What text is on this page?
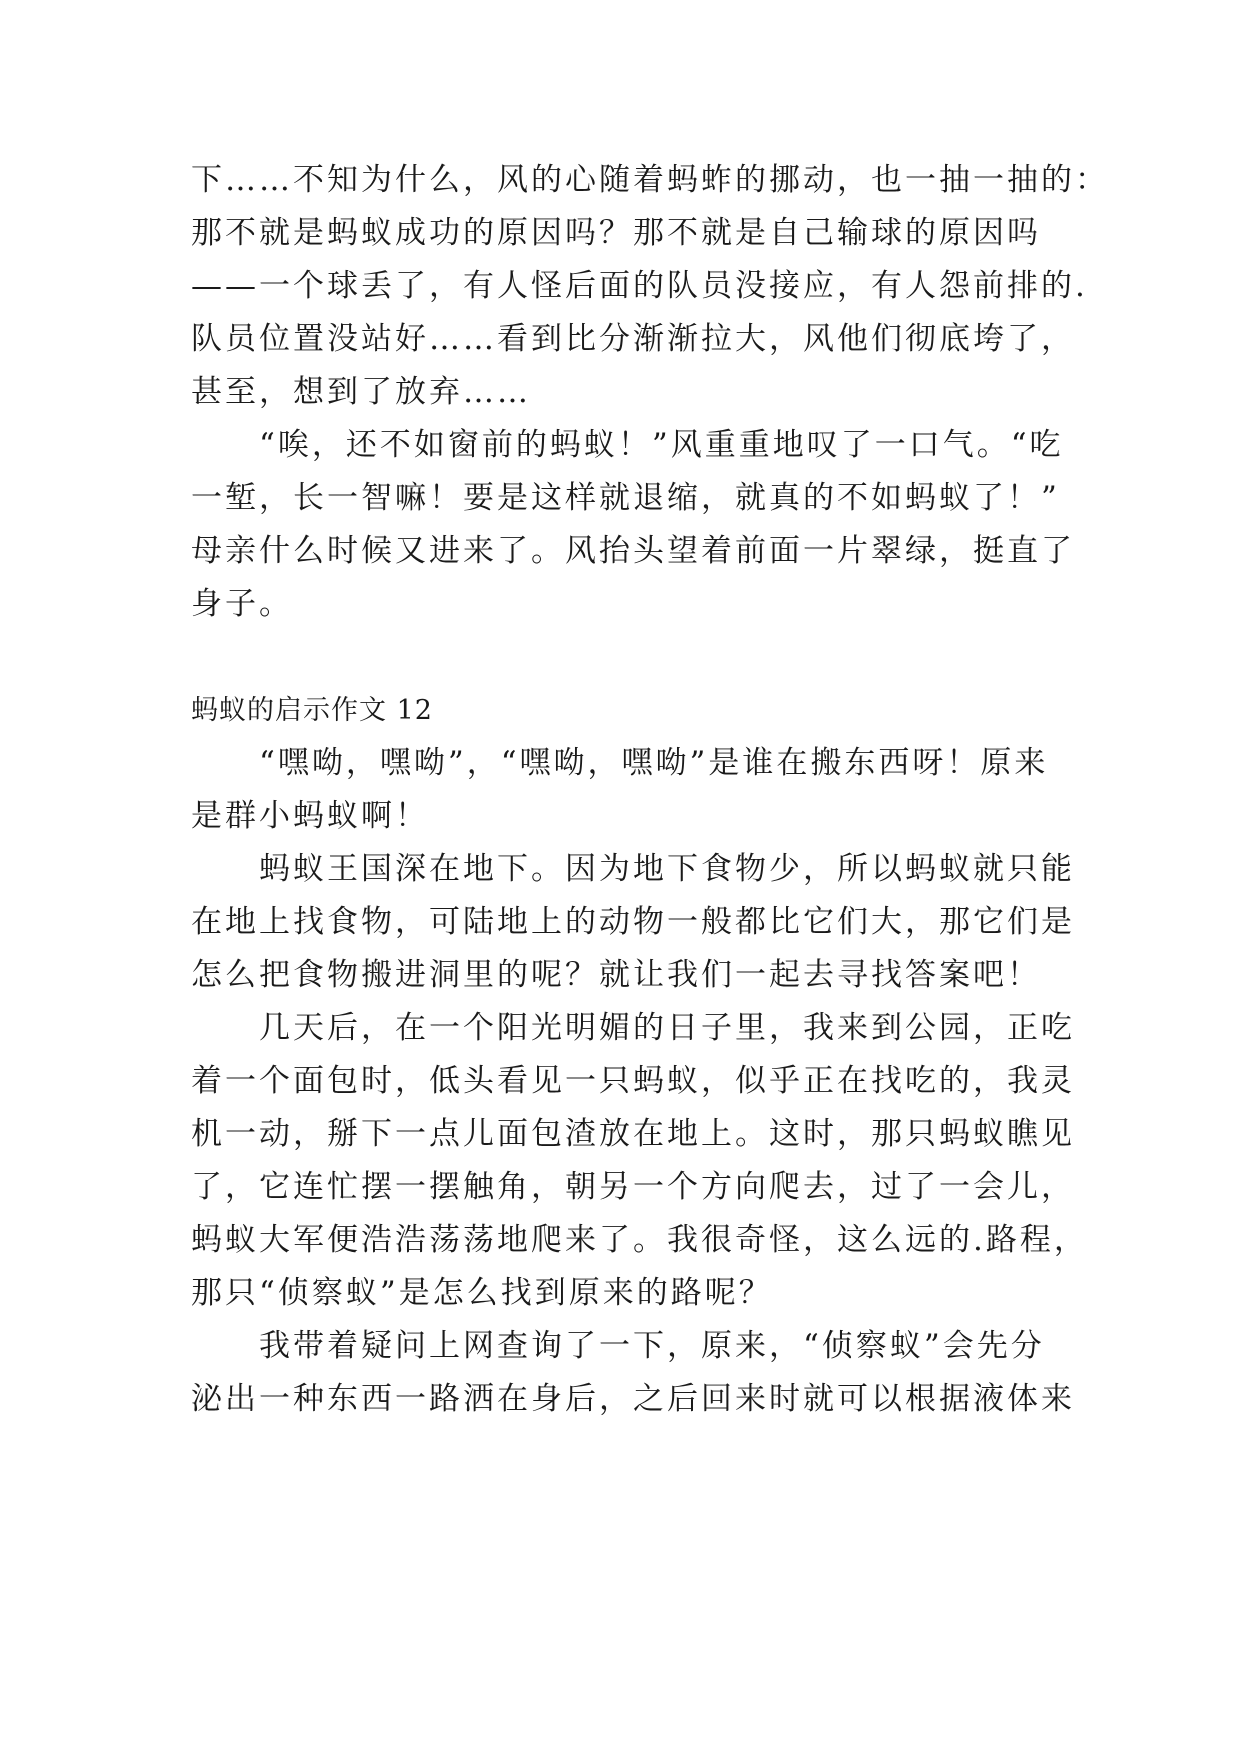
下……不知为什么，风的心随着蚂蚱的挪动，也一抽一抽的：
那不就是蚂蚁成功的原因吗？那不就是自己输球的原因吗
——一个球丢了，有人怪后面的队员没接应，有人怨前排的.
队员位置没站好……看到比分渐渐拉大，风他们彻底垮了，
甚至，想到了放弃……
　　“唉，还不如窗前的蚂蚁！”风重重地叹了一口气。“吃
一堑，长一智嘛！要是这样就退缩，就真的不如蚂蚁了！”
母亲什么时候又进来了。风抬头望着前面一片翠绿，挺直了
身子。
蚂蚁的启示作文 12
　　“嘿呦，嘿呦”，“嘿呦，嘿呦”是谁在搬东西呀！原来
是群小蚂蚁啊！
　　蚂蚁王国深在地下。因为地下食物少，所以蚂蚁就只能
在地上找食物，可陆地上的动物一般都比它们大，那它们是
怎么把食物搬进洞里的呢？就让我们一起去寻找答案吧！
　　几天后，在一个阳光明媚的日子里，我来到公园，正吃
着一个面包时，低头看见一只蚂蚁，似乎正在找吃的，我灵
机一动，掰下一点儿面包渣放在地上。这时，那只蚂蚁瞧见
了，它连忙摆一摆触角，朝另一个方向爬去，过了一会儿，
蚂蚁大军便浩浩荡荡地爬来了。我很奇怪，这么远的.路程，
那只“侦察蚁”是怎么找到原来的路呢？
　　我带着疑问上网查询了一下，原来，“侦察蚁”会先分
泌出一种东西一路洒在身后，之后回来时就可以根据液体来
